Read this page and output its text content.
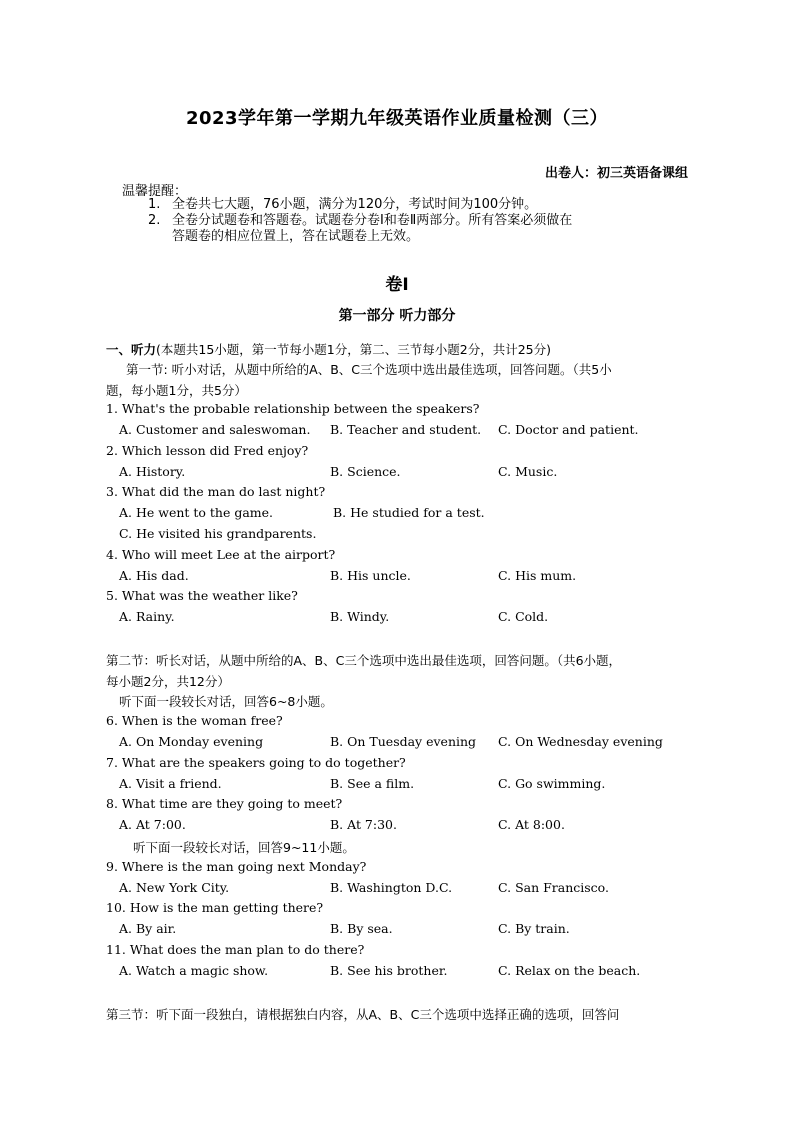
2023学年第一学期九年级英语作业质量检测（三）
出卷人：初三英语备课组
温馨提醒：
1. 全卷共七大题，76小题，满分为120分，考试时间为100分钟。
2. 全卷分试题卷和答题卷。试题卷分卷Ⅰ和卷Ⅱ两部分。所有答案必须做在
答题卷的相应位置上，答在试题卷上无效。
卷Ⅰ
第一部分 听力部分
一、听力(本题共15小题，第一节每小题1分，第二、三节每小题2分，共计25分)
第一节: 听小对话，从题中所给的A、B、C三个选项中选出最佳选项，回答问题。（共5小
题，每小题1分，共5分）
1. What's the probable relationship between the speakers?
A. Customer and saleswoman. B. Teacher and student. C. Doctor and patient.
2. Which lesson did Fred enjoy?
A. History.	B. Science.	C. Music.
3. What did the man do last night?
A. He went to the game.	B. He studied for a test.
C. He visited his grandparents.
4. Who will meet Lee at the airport?
A. His dad.	B. His uncle.	C. His mum.
5. What was the weather like?
A. Rainy.	B. Windy.	C. Cold.
第二节：听长对话，从题中所给的A、B、C三个选项中选出最佳选项，回答问题。（共6小题，
每小题2分，共12分）
听下面一段较长对话，回答6~8小题。
6. When is the woman free?
A. On Monday evening	B. On Tuesday evening C. On Wednesday evening
7. What are the speakers going to do together?
A. Visit a friend.	B. See a film.	C. Go swimming.
8. What time are they going to meet?
A. At 7:00.	B. At 7:30.	C. At 8:00.
听下面一段较长对话，回答9~11小题。
9. Where is the man going next Monday?
A. New York City.	B. Washington D.C.	C. San Francisco.
10. How is the man getting there?
A. By air.	B. By sea.	C. By train.
11. What does the man plan to do there?
A. Watch a magic show.	B. See his brother.	C. Relax on the beach.
第三节：听下面一段独白，请根据独白内容，从A、B、C三个选项中选择正确的选项，回答问
